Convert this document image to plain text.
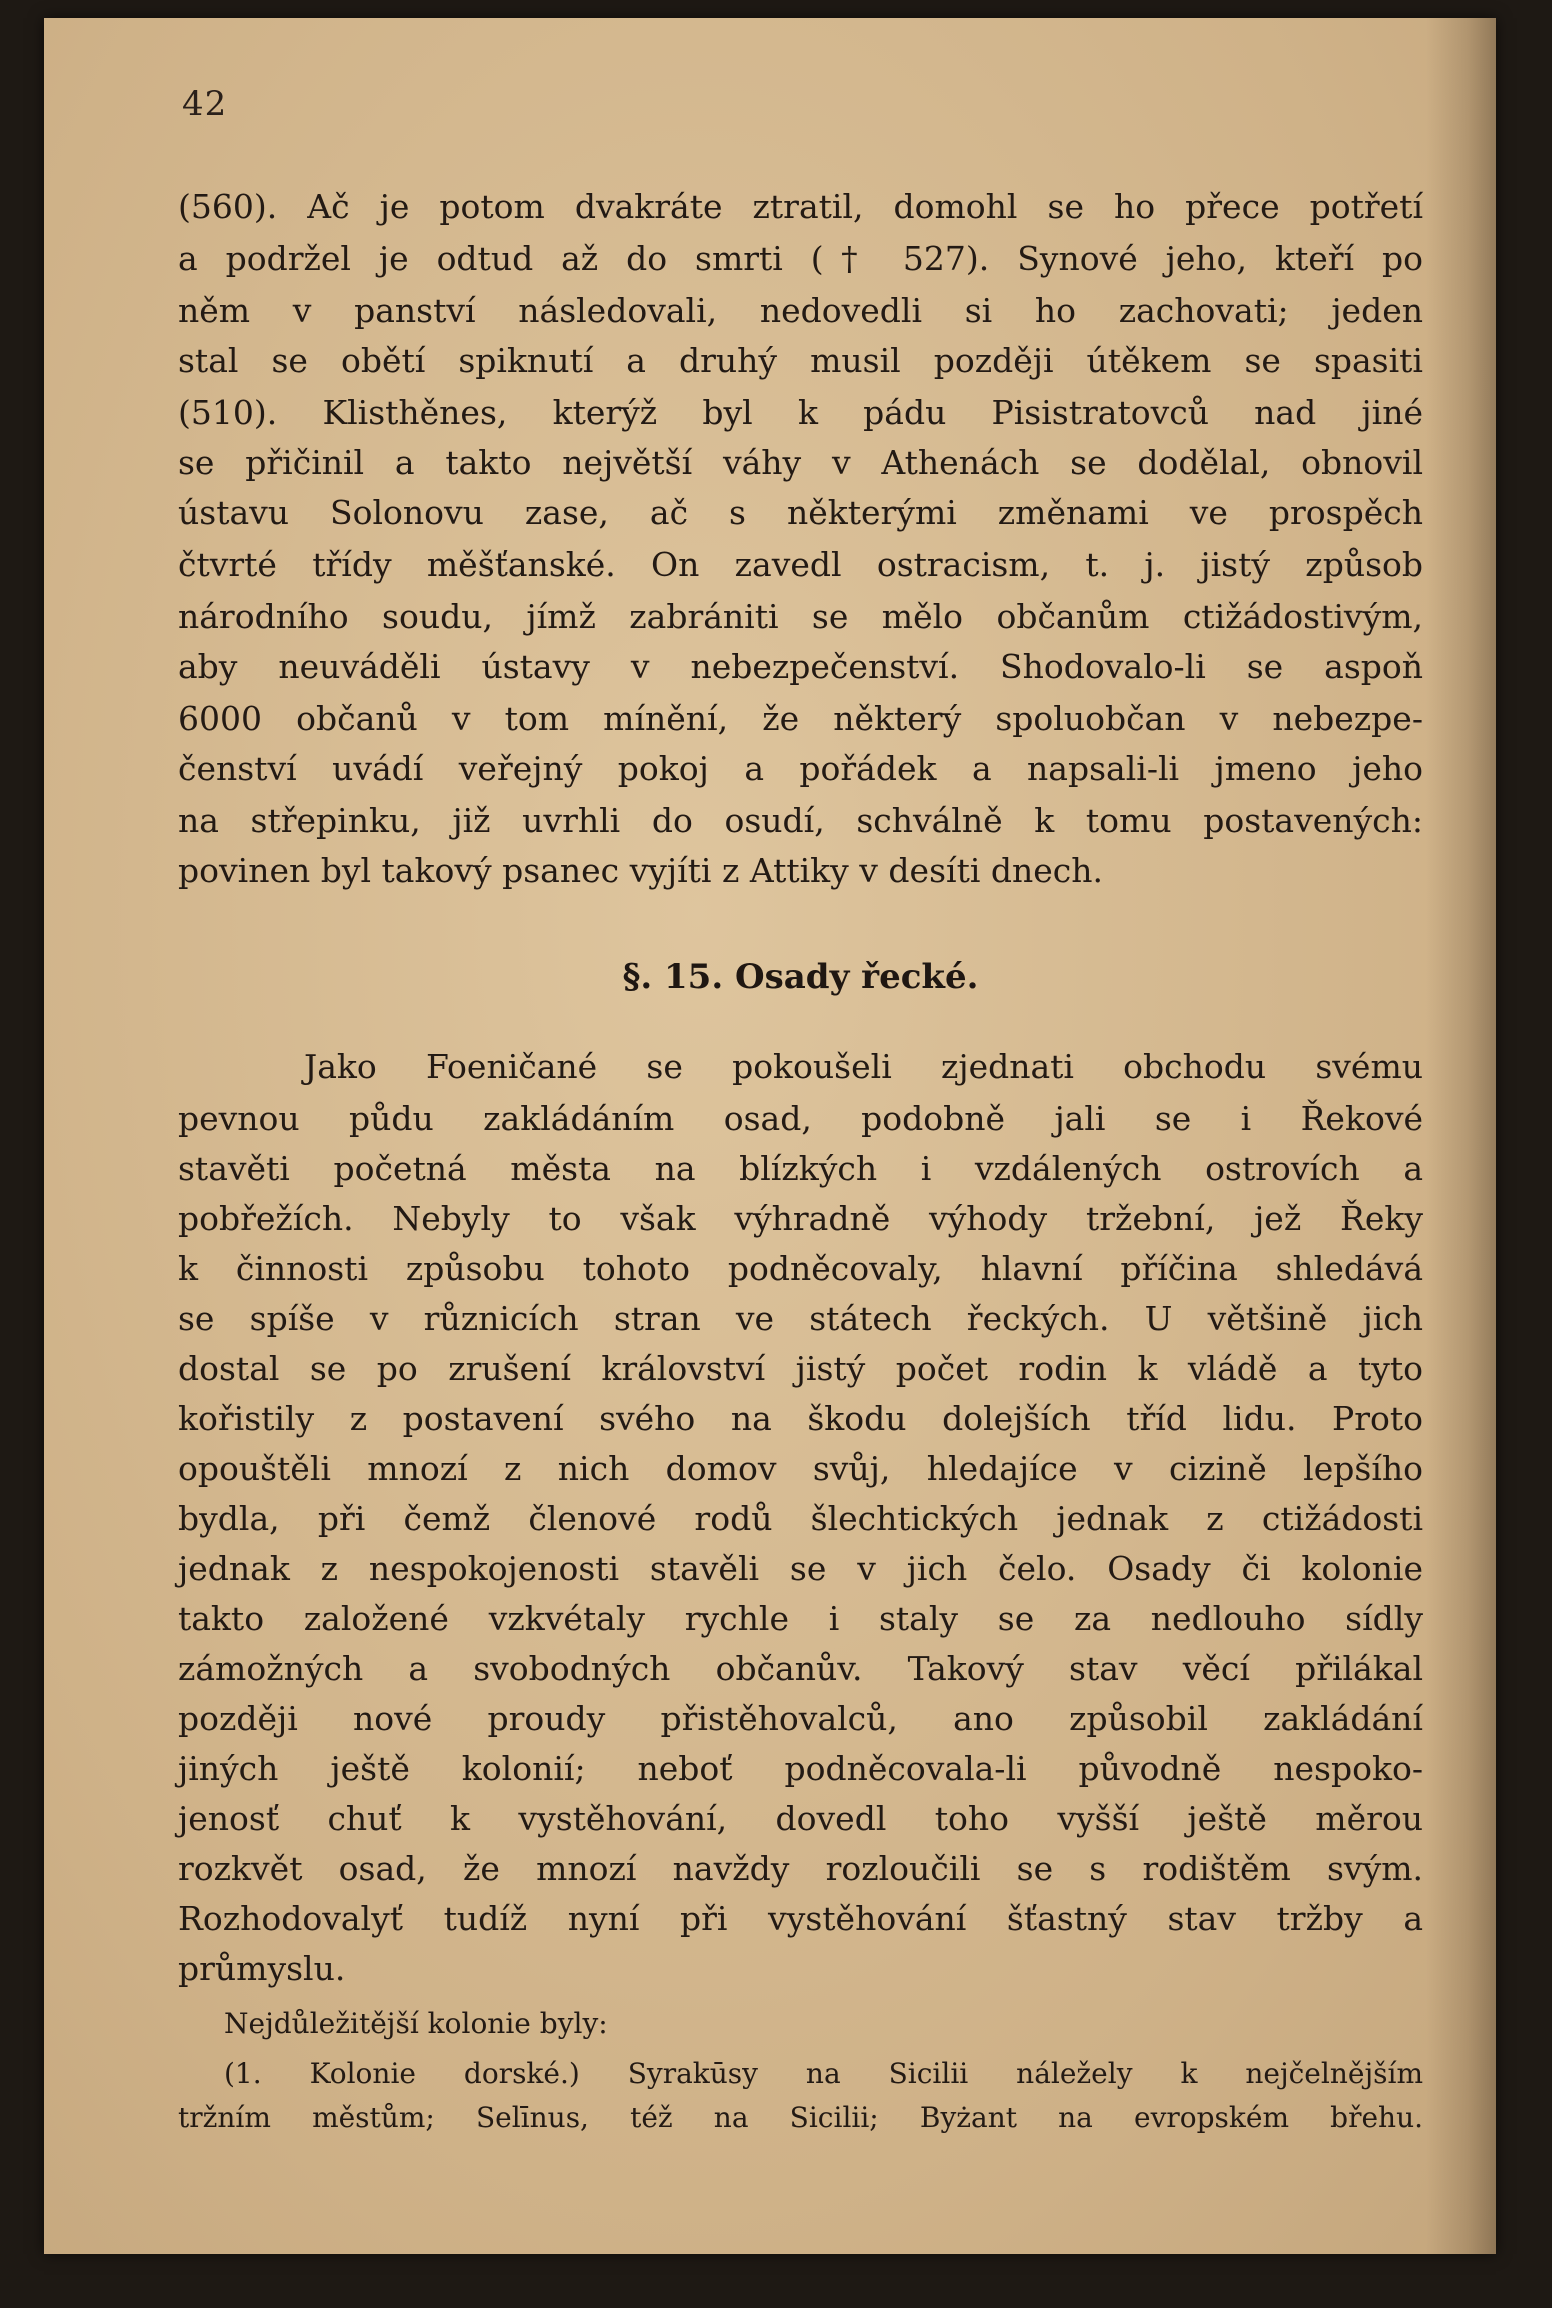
42

(560). Ač je potom dvakráte ztratil, domohl se ho přece potřetí

a podržel je odtud až do smrti († 527). Synové jeho, kteří po

něm v panství následovali, nedovedli si ho zachovati; jeden

stal se obětí spiknutí a druhý musil později útěkem se spasiti

(510). Klisthěnes, kterýž byl k pádu Pisistratovců nad jiné

se přičinil a takto největší váhy v Athenách se dodělal, obnovil

ústavu Solonovu zase, ač s některými změnami ve prospěch

čtvrté třídy měšťanské. On zavedl ostracism, t. j. jistý způsob

národního soudu, jímž zabrániti se mělo občanům ctižádostivým,

aby neuváděli ústavy v nebezpečenství. Shodovalo-li se aspoň

6000 občanů v tom mínění, že některý spoluobčan v nebezpe-

čenství uvádí veřejný pokoj a pořádek a napsali-li jmeno jeho

na střepinku, již uvrhli do osudí, schválně k tomu postavených:

povinen byl takový psanec vyjíti z Attiky v desíti dnech.

§. 15. Osady řecké.

Jako Foeničané se pokoušeli zjednati obchodu svému

pevnou půdu zakládáním osad, podobně jali se i Řekové

stavěti početná města na blízkých i vzdálených ostrovích a

pobřežích. Nebyly to však výhradně výhody tržební, jež Řeky

k činnosti způsobu tohoto podněcovaly, hlavní příčina shledává

se spíše v různicích stran ve státech řeckých. U většině jich

dostal se po zrušení království jistý počet rodin k vládě a tyto

kořistily z postavení svého na škodu dolejších tříd lidu. Proto

opouštěli mnozí z nich domov svůj, hledajíce v cizině lepšího

bydla, při čemž členové rodů šlechtických jednak z ctižádosti

jednak z nespokojenosti stavěli se v jich čelo. Osady či kolonie

takto založené vzkvétaly rychle i staly se za nedlouho sídly

zámožných a svobodných občanův. Takový stav věcí přilákal

později nové proudy přistěhovalců, ano způsobil zakládání

jiných ještě kolonií; neboť podněcovala-li původně nespoko-

jenosť chuť k vystěhování, dovedl toho vyšší ještě měrou

rozkvět osad, že mnozí navždy rozloučili se s rodištěm svým.

Rozhodovalyť tudíž nyní při vystěhování šťastný stav tržby a

průmyslu.

Nejdůležitější kolonie byly:

(1. Kolonie dorské.) Syrakūsy na Sicilii náležely k nejčelnějším

tržním městům; Selīnus, též na Sicilii; Byżant na evropském břehu.
